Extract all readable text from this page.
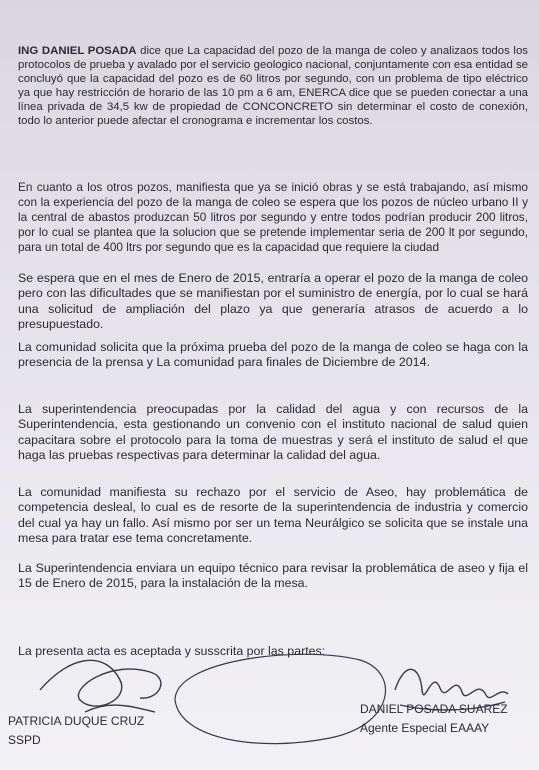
ING DANIEL POSADA dice que La capacidad del pozo de la manga de coleo y analizaos todos los protocolos de prueba y avalado por el servicio geologico nacional, conjuntamente con esa entidad se concluyó que la capacidad del pozo es de 60 litros por segundo, con un problema de tipo eléctrico ya que hay restricción de horario de las 10 pm a 6 am, ENERCA dice que se pueden conectar a una línea privada de 34,5 kw de propiedad de CONCONCRETO sin determinar el costo de conexión, todo lo anterior puede afectar el cronograma e incrementar los costos.

En cuanto a los otros pozos, manifiesta que ya se inició obras y se está trabajando, así mismo con la experiencia del pozo de la manga de coleo se espera que los pozos de núcleo urbano II y la central de abastos produzcan 50 litros por segundo y entre todos podrían producir 200 litros, por lo cual se plantea que la solucion que se pretende implementar seria de 200 lt por segundo, para un total de 400 ltrs por segundo que es la capacidad que requiere la ciudad

Se espera que en el mes de Enero de 2015, entraría a operar el pozo de la manga de coleo pero con las dificultades que se manifiestan por el suministro de energía, por lo cual se hará una solicitud de ampliación del plazo ya que generaría atrasos de acuerdo a lo presupuestado.

La comunidad solicita que la próxima prueba del pozo de la manga de coleo se haga con la presencia de la prensa y La comunidad para finales de Diciembre de 2014.

La superintendencia preocupadas por la calidad del agua y con recursos de la Superintendencia, esta gestionando un convenio con el instituto nacional de salud quien capacitara sobre el protocolo para la toma de muestras y será el instituto de salud el que haga las pruebas respectivas para determinar la calidad del agua.

La comunidad manifiesta su rechazo por el servicio de Aseo, hay problemática de competencia desleal, lo cual es de resorte de la superintendencia de industria y comercio del cual ya hay un fallo. Así mismo por ser un tema Neurálgico se solicita que se instale una mesa para tratar ese tema concretamente.

La Superintendencia enviara un equipo técnico para revisar la problemática de aseo y fija el 15 de Enero de 2015, para la instalación de la mesa.

La presenta acta es aceptada y susscrita por las partes:

PATRICIA DUQUE CRUZ
SSPD
DANIEL POSADA SUAREZ
Agente Especial EAAAY
